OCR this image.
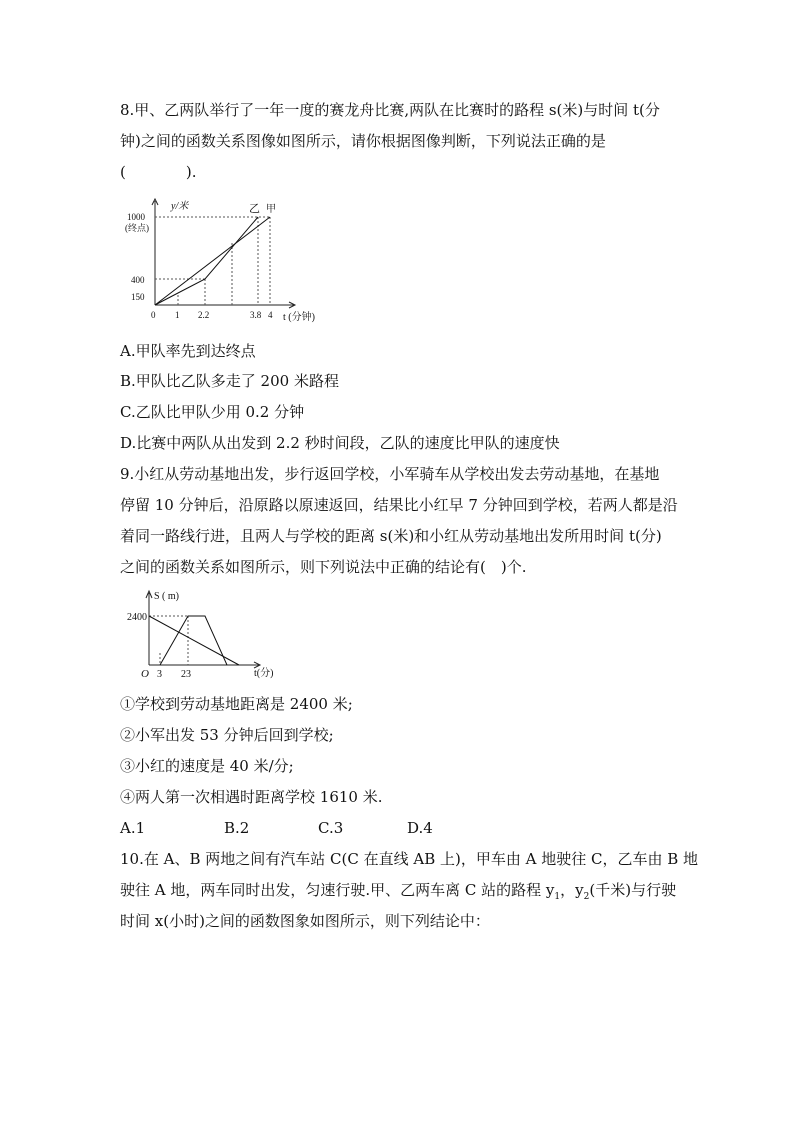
8.甲、乙两队举行了一年一度的赛龙舟比赛,两队在比赛时的路程 s(米)与时间 t(分
钟)之间的函数关系图像如图所示，请你根据图像判断，下列说法正确的是
(　　　　).
y/米
1000
(终点)
400
150
0 1 2.2	3.8 4 t (分钟)
乙 甲
A.甲队率先到达终点
B.甲队比乙队多走了 200 米路程
C.乙队比甲队少用 0.2 分钟
D.比赛中两队从出发到 2.2 秒时间段，乙队的速度比甲队的速度快
9.小红从劳动基地出发，步行返回学校，小军骑车从学校出发去劳动基地，在基地
停留 10 分钟后，沿原路以原速返回，结果比小红早 7 分钟回到学校，若两人都是沿
着同一路线行进，且两人与学校的距离 s(米)和小红从劳动基地出发所用时间 t(分)
之间的函数关系如图所示，则下列说法中正确的结论有(　)个.
S ( m)
2400
O 3 23	t(分)
①学校到劳动基地距离是 2400 米;
②小军出发 53 分钟后回到学校;
③小红的速度是 40 米/分;
④两人第一次相遇时距离学校 1610 米.
A.1	B.2	C.3	D.4
10.在 A、B 两地之间有汽车站 C(C 在直线 AB 上)，甲车由 A 地驶往 C，乙车由 B 地
驶往 A 地，两车同时出发，匀速行驶.甲、乙两车离 C 站的路程 $y_1$，$y_2$(千米)与行驶
时间 x(小时)之间的函数图象如图所示，则下列结论中：
